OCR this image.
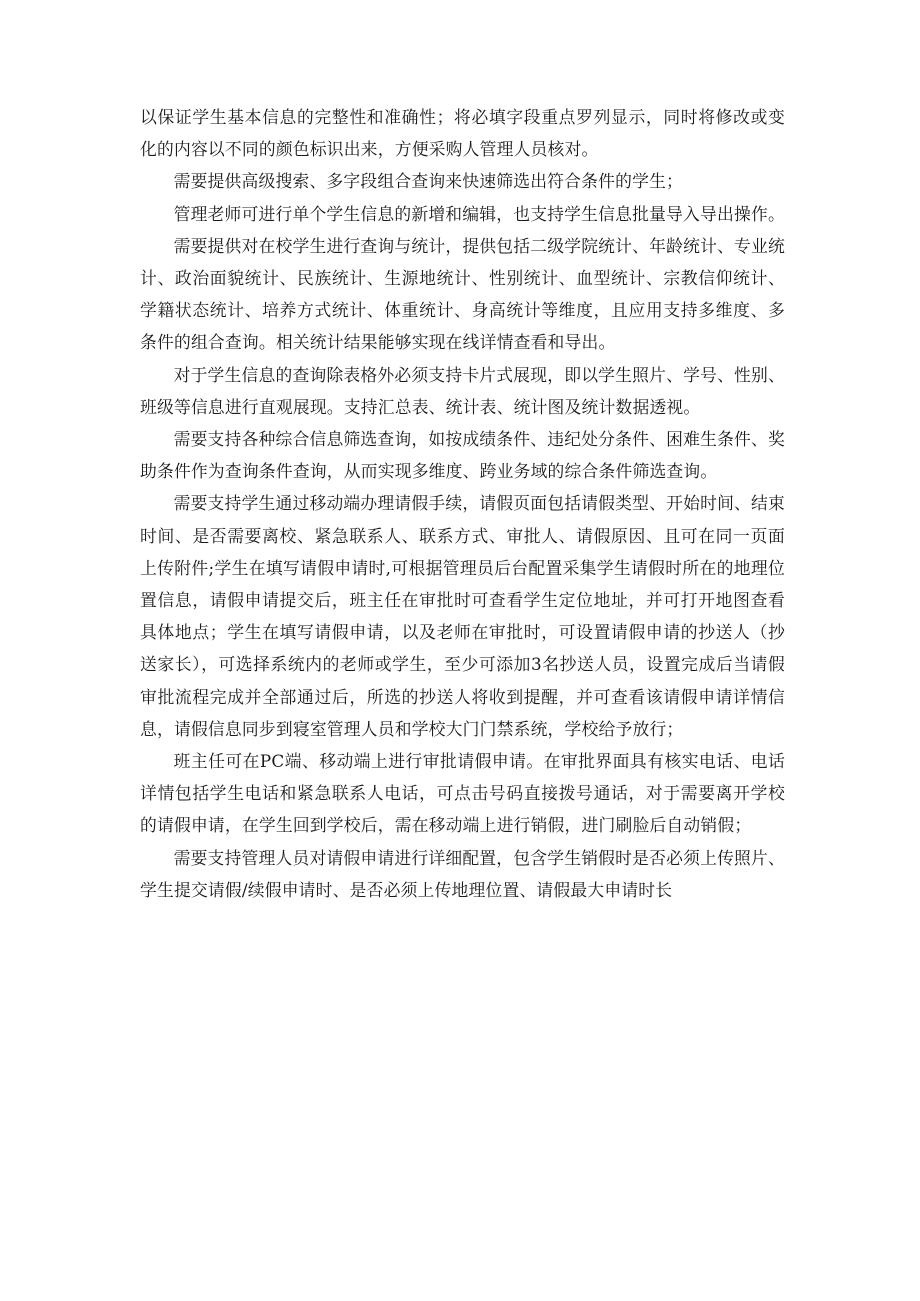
以保证学生基本信息的完整性和准确性；将必填字段重点罗列显示，同时将修改或变化的内容以不同的颜色标识出来，方便采购人管理人员核对。

需要提供高级搜索、多字段组合查询来快速筛选出符合条件的学生；

管理老师可进行单个学生信息的新增和编辑，也支持学生信息批量导入导出操作。

需要提供对在校学生进行查询与统计，提供包括二级学院统计、年龄统计、专业统计、政治面貌统计、民族统计、生源地统计、性别统计、血型统计、宗教信仰统计、学籍状态统计、培养方式统计、体重统计、身高统计等维度，且应用支持多维度、多条件的组合查询。相关统计结果能够实现在线详情查看和导出。

对于学生信息的查询除表格外必须支持卡片式展现，即以学生照片、学号、性别、班级等信息进行直观展现。支持汇总表、统计表、统计图及统计数据透视。

需要支持各种综合信息筛选查询，如按成绩条件、违纪处分条件、困难生条件、奖助条件作为查询条件查询，从而实现多维度、跨业务域的综合条件筛选查询。

需要支持学生通过移动端办理请假手续，请假页面包括请假类型、开始时间、结束时间、是否需要离校、紧急联系人、联系方式、审批人、请假原因、且可在同一页面上传附件;学生在填写请假申请时,可根据管理员后台配置采集学生请假时所在的地理位置信息，请假申请提交后，班主任在审批时可查看学生定位地址，并可打开地图查看具体地点；学生在填写请假申请，以及老师在审批时，可设置请假申请的抄送人（抄送家长），可选择系统内的老师或学生，至少可添加3名抄送人员，设置完成后当请假审批流程完成并全部通过后，所选的抄送人将收到提醒，并可查看该请假申请详情信息，请假信息同步到寝室管理人员和学校大门门禁系统，学校给予放行；

班主任可在PC端、移动端上进行审批请假申请。在审批界面具有核实电话、电话详情包括学生电话和紧急联系人电话，可点击号码直接拨号通话，对于需要离开学校的请假申请，在学生回到学校后，需在移动端上进行销假，进门刷脸后自动销假；

需要支持管理人员对请假申请进行详细配置，包含学生销假时是否必须上传照片、学生提交请假/续假申请时、是否必须上传地理位置、请假最大申请时长
